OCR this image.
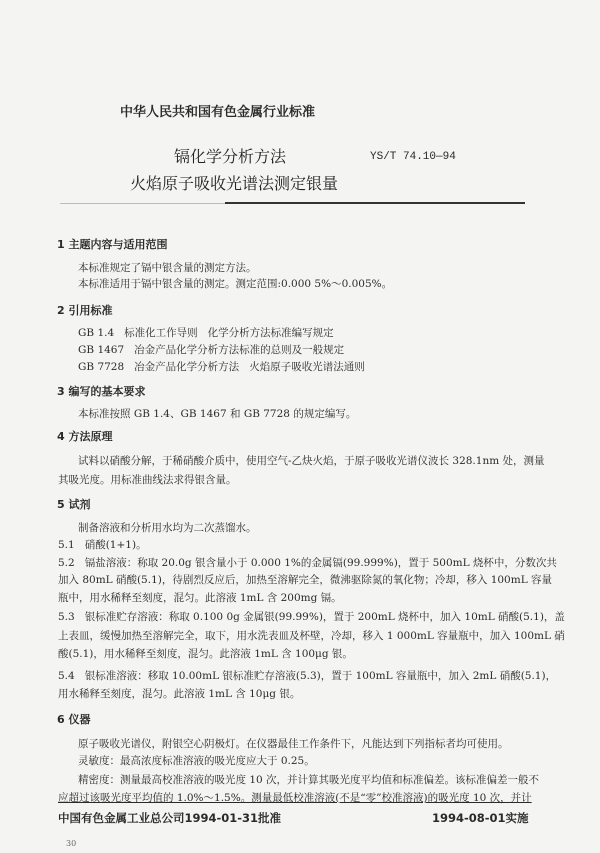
中华人民共和国有色金属行业标准
镉化学分析方法
火焰原子吸收光谱法测定银量
YS/T 74.10—94
1 主题内容与适用范围
本标准规定了镉中银含量的测定方法。
本标准适用于镉中银含量的测定。测定范围:0.000 5%～0.005%。
2 引用标准
GB 1.4   标准化工作导则   化学分析方法标准编写规定
GB 1467   冶金产品化学分析方法标准的总则及一般规定
GB 7728   冶金产品化学分析方法   火焰原子吸收光谱法通则
3 编写的基本要求
本标准按照 GB 1.4、GB 1467 和 GB 7728 的规定编写。
4 方法原理
试料以硝酸分解，于稀硝酸介质中，使用空气-乙炔火焰，于原子吸收光谱仪波长 328.1nm 处，测量
其吸光度。用标准曲线法求得银含量。
5 试剂
制备溶液和分析用水均为二次蒸馏水。
5.1   硝酸(1+1)。
5.2   镉盐溶液：称取 20.0g 银含量小于 0.000 1%的金属镉(99.999%)，置于 500mL 烧杯中，分数次共
加入 80mL 硝酸(5.1)，待剧烈反应后，加热至溶解完全，微沸驱除氮的氧化物；冷却，移入 100mL 容量
瓶中，用水稀释至刻度，混匀。此溶液 1mL 含 200mg 镉。
5.3   银标准贮存溶液：称取 0.100 0g 金属银(99.99%)，置于 200mL 烧杯中，加入 10mL 硝酸(5.1)，盖
上表皿，缓慢加热至溶解完全，取下，用水洗表皿及杯壁，冷却，移入 1 000mL 容量瓶中，加入 100mL 硝
酸(5.1)，用水稀释至刻度，混匀。此溶液 1mL 含 100μg 银。
5.4   银标准溶液：移取 10.00mL 银标准贮存溶液(5.3)，置于 100mL 容量瓶中，加入 2mL 硝酸(5.1)，
用水稀释至刻度，混匀。此溶液 1mL 含 10μg 银。
6 仪器
原子吸收光谱仪，附银空心阴极灯。在仪器最佳工作条件下，凡能达到下列指标者均可使用。
灵敏度：最高浓度标准溶液的吸光度应大于 0.25。
精密度：测量最高校准溶液的吸光度 10 次，并计算其吸光度平均值和标准偏差。该标准偏差一般不
应超过该吸光度平均值的 1.0%～1.5%。测量最低校准溶液(不是“零”校准溶液)的吸光度 10 次，并计
中国有色金属工业总公司1994-01-31批准	1994-08-01实施
30
